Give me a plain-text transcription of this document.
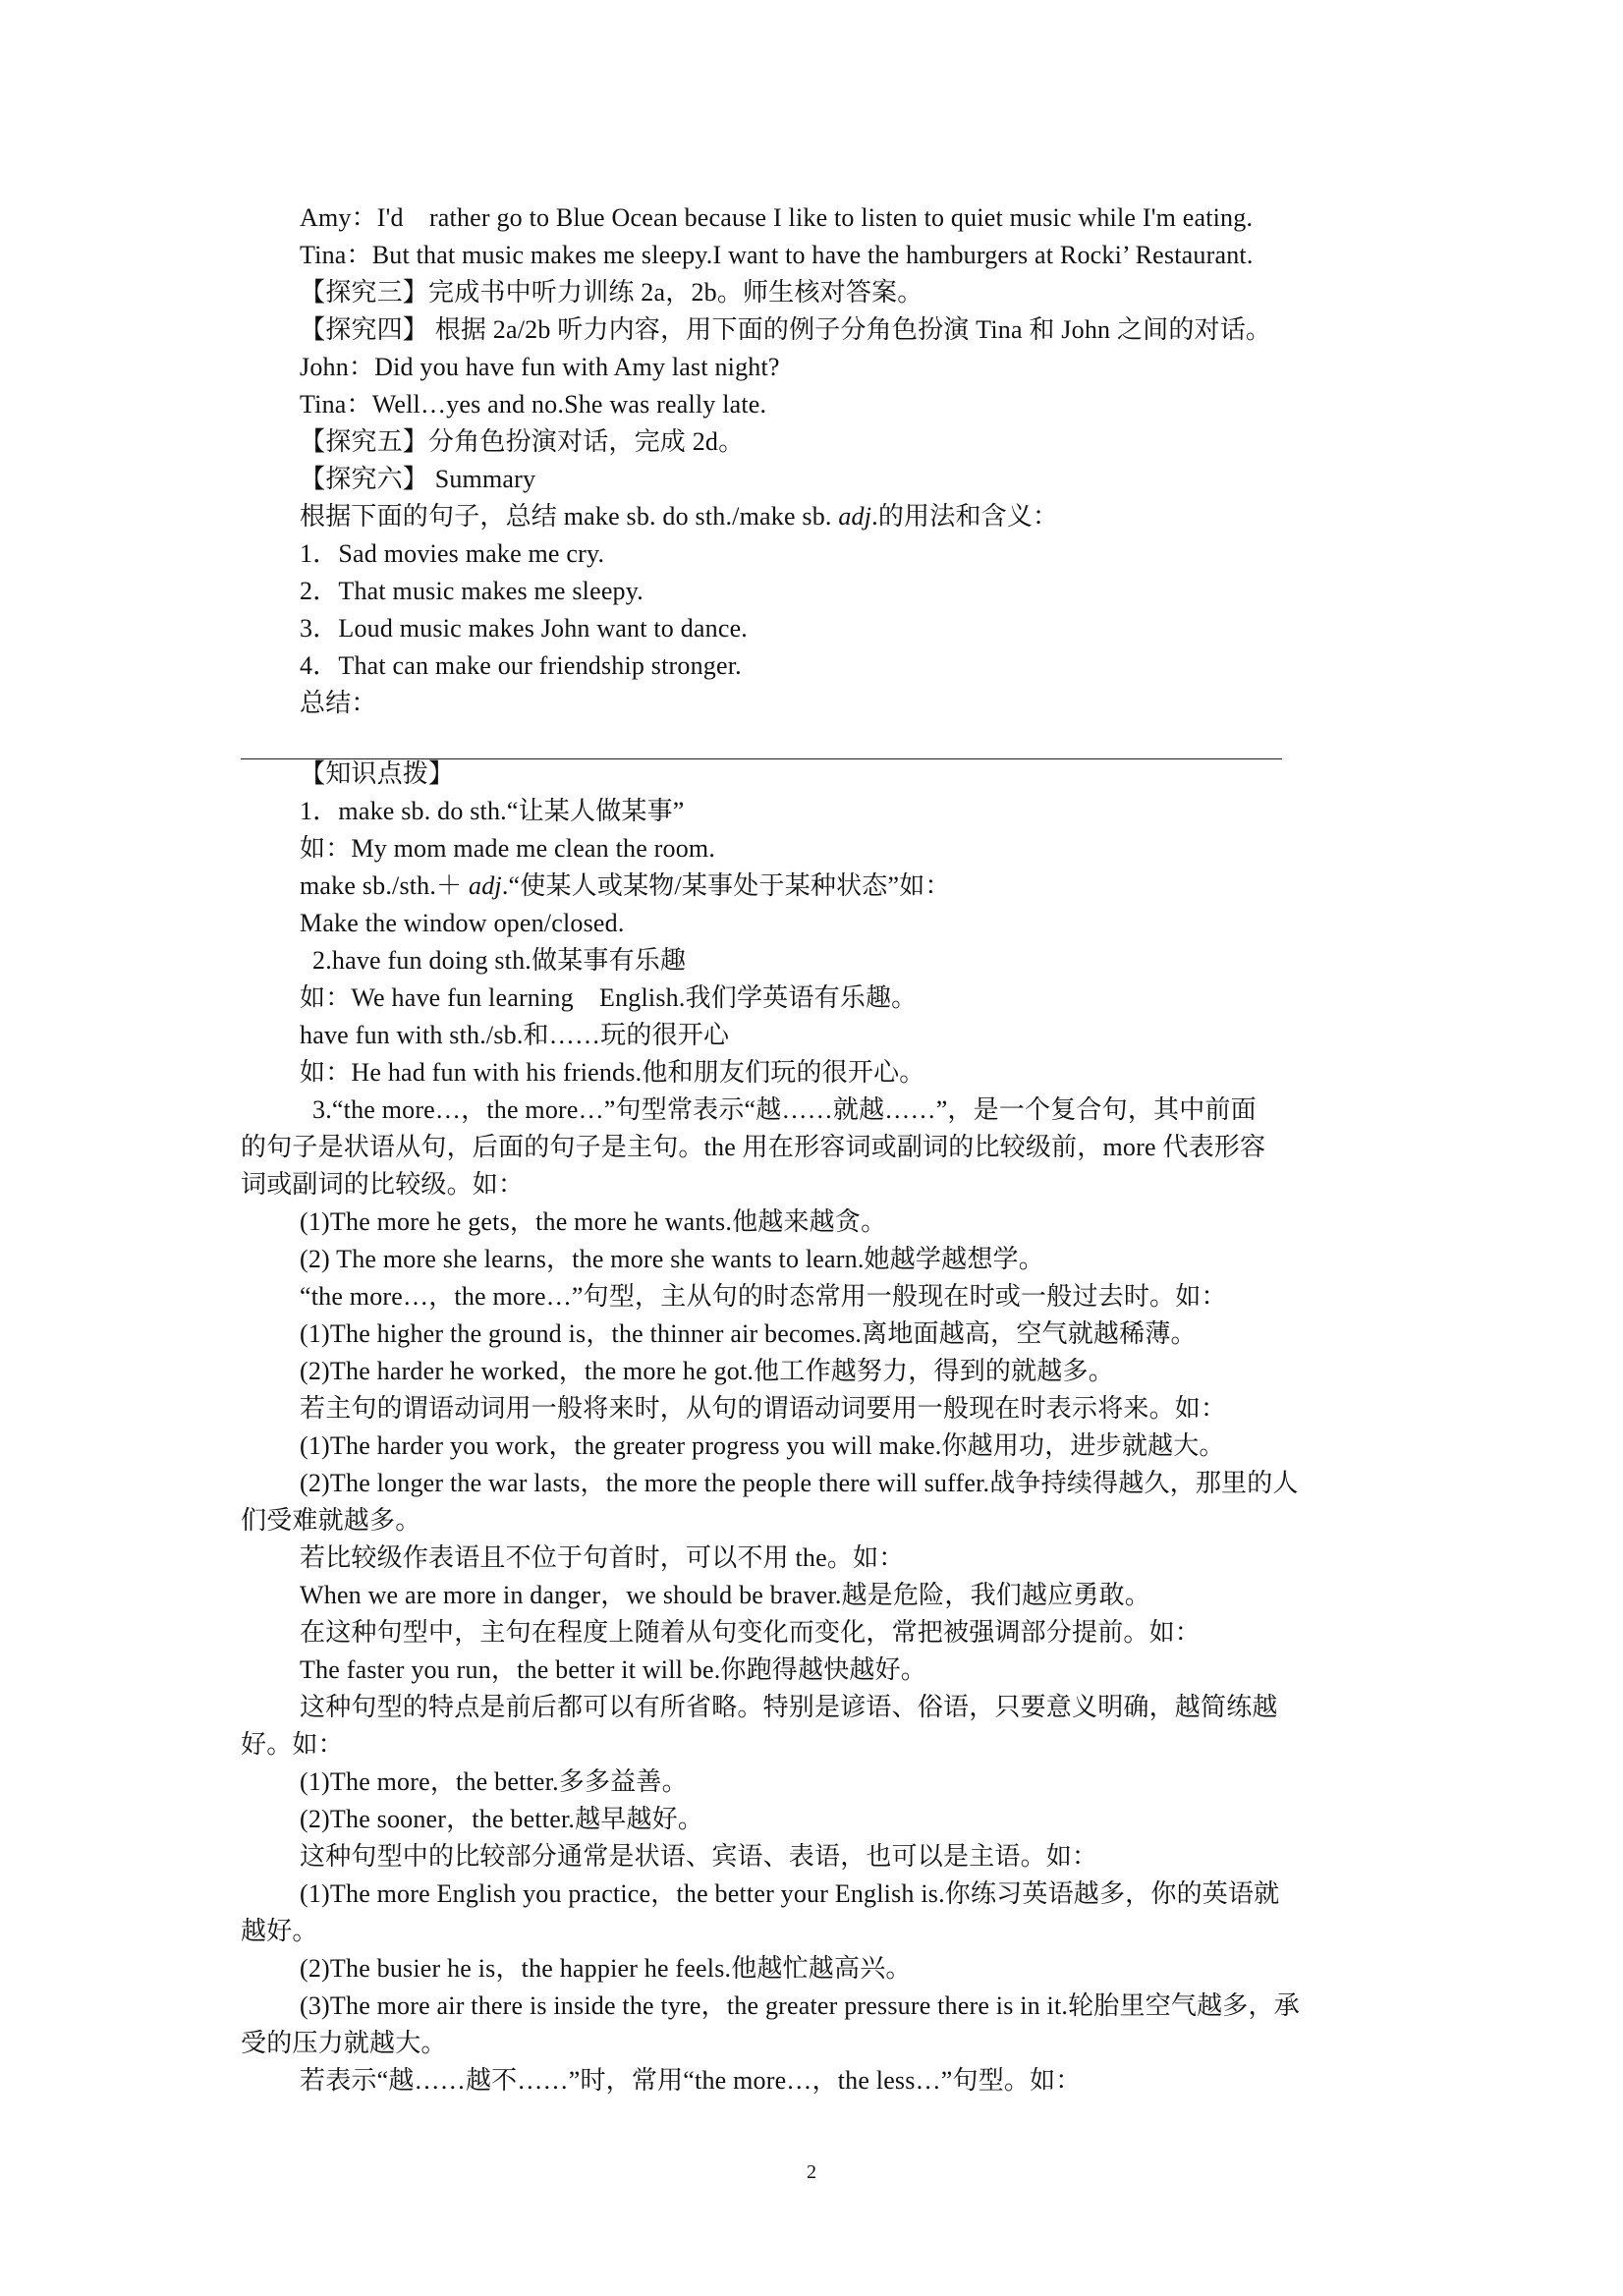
Amy：I'd　rather go to Blue Ocean because I like to listen to quiet music while I'm eating.
Tina：But that music makes me sleepy.I want to have the hamburgers at Rocki’ Restaurant.
【探究三】完成书中听力训练 2a，2b。师生核对答案。
【探究四】 根据 2a/2b 听力内容，用下面的例子分角色扮演 Tina 和 John 之间的对话。
John：Did you have fun with Amy last night?
Tina：Well…yes and no.She was really late.
【探究五】分角色扮演对话，完成 2d。
【探究六】 Summary
根据下面的句子，总结 make sb. do sth./make sb. adj.的用法和含义：
1．Sad movies make me cry.
2．That music makes me sleepy.
3．Loud music makes John want to dance.
4．That can make our friendship stronger.
总结：
【知识点拨】
1．make sb. do sth.“让某人做某事”
如：My mom made me clean the room.
make sb./sth.＋ adj.“使某人或某物/某事处于某种状态”如：
Make the window open/closed.
2.have fun doing sth.做某事有乐趣
如：We have fun learning　English.我们学英语有乐趣。
have fun with sth./sb.和……玩的很开心
如：He had fun with his friends.他和朋友们玩的很开心。
3.“the more…，the more…”句型常表示“越……就越……”，是一个复合句，其中前面
的句子是状语从句，后面的句子是主句。the 用在形容词或副词的比较级前，more 代表形容
词或副词的比较级。如：
(1)The more he gets，the more he wants.他越来越贪。
(2) The more she learns，the more she wants to learn.她越学越想学。
“the more…，the more…”句型，主从句的时态常用一般现在时或一般过去时。如：
(1)The higher the ground is，the thinner air becomes.离地面越高，空气就越稀薄。
(2)The harder he worked，the more he got.他工作越努力，得到的就越多。
若主句的谓语动词用一般将来时，从句的谓语动词要用一般现在时表示将来。如：
(1)The harder you work，the greater progress you will make.你越用功，进步就越大。
(2)The longer the war lasts，the more the people there will suffer.战争持续得越久，那里的人
们受难就越多。
若比较级作表语且不位于句首时，可以不用 the。如：
When we are more in danger，we should be braver.越是危险，我们越应勇敢。
在这种句型中，主句在程度上随着从句变化而变化，常把被强调部分提前。如：
The faster you run，the better it will be.你跑得越快越好。
这种句型的特点是前后都可以有所省略。特别是谚语、俗语，只要意义明确，越简练越
好。如：
(1)The more，the better.多多益善。
(2)The sooner，the better.越早越好。
这种句型中的比较部分通常是状语、宾语、表语，也可以是主语。如：
(1)The more English you practice，the better your English is.你练习英语越多，你的英语就
越好。
(2)The busier he is，the happier he feels.他越忙越高兴。
(3)The more air there is inside the tyre，the greater pressure there is in it.轮胎里空气越多，承
受的压力就越大。
若表示“越……越不……”时，常用“the more…，the less…”句型。如：
2
